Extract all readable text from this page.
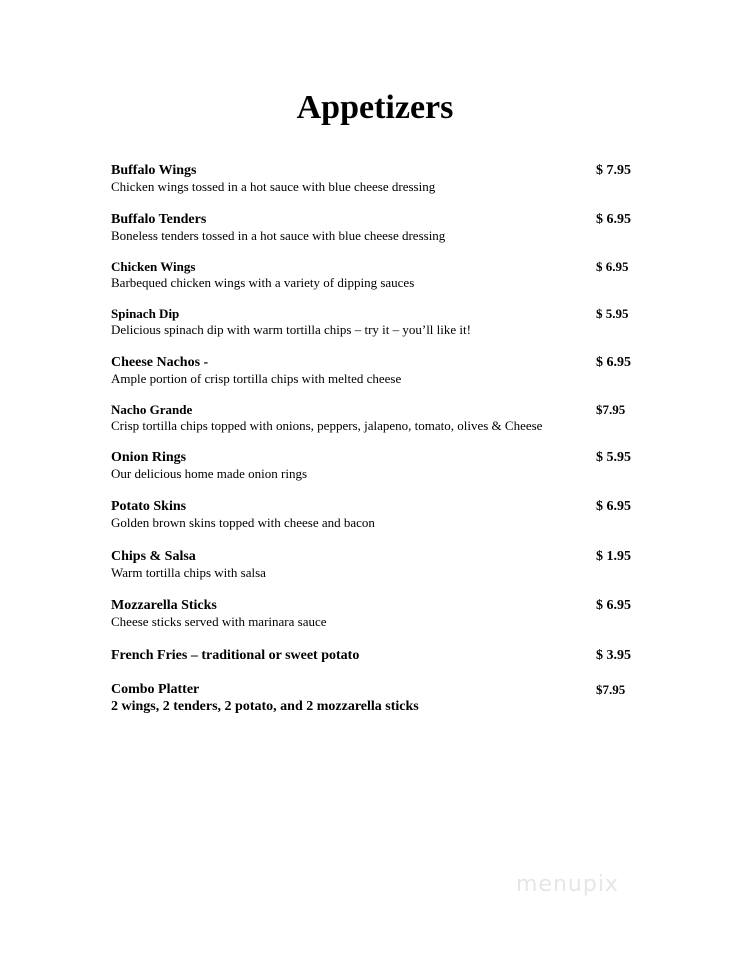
Appetizers
Buffalo Wings
Chicken wings tossed in a hot sauce with blue cheese dressing
$ 7.95
Buffalo Tenders
Boneless tenders tossed in a hot sauce with blue cheese dressing
$ 6.95
Chicken Wings
Barbequed chicken wings with a variety of dipping sauces
$ 6.95
Spinach Dip
Delicious spinach dip with warm tortilla chips – try it – you’ll like it!
$ 5.95
Cheese Nachos -
Ample portion of crisp tortilla chips with melted cheese
$ 6.95
Nacho Grande
Crisp tortilla chips topped with onions, peppers, jalapeno, tomato, olives & Cheese
$7.95
Onion Rings
Our delicious home made onion rings
$ 5.95
Potato Skins
Golden brown skins topped with cheese and bacon
$ 6.95
Chips & Salsa
Warm tortilla chips with salsa
$ 1.95
Mozzarella Sticks
Cheese sticks served with marinara sauce
$ 6.95
French Fries – traditional or sweet potato	$ 3.95
Combo Platter
2 wings, 2 tenders, 2 potato, and 2 mozzarella sticks
$7.95
menupix
